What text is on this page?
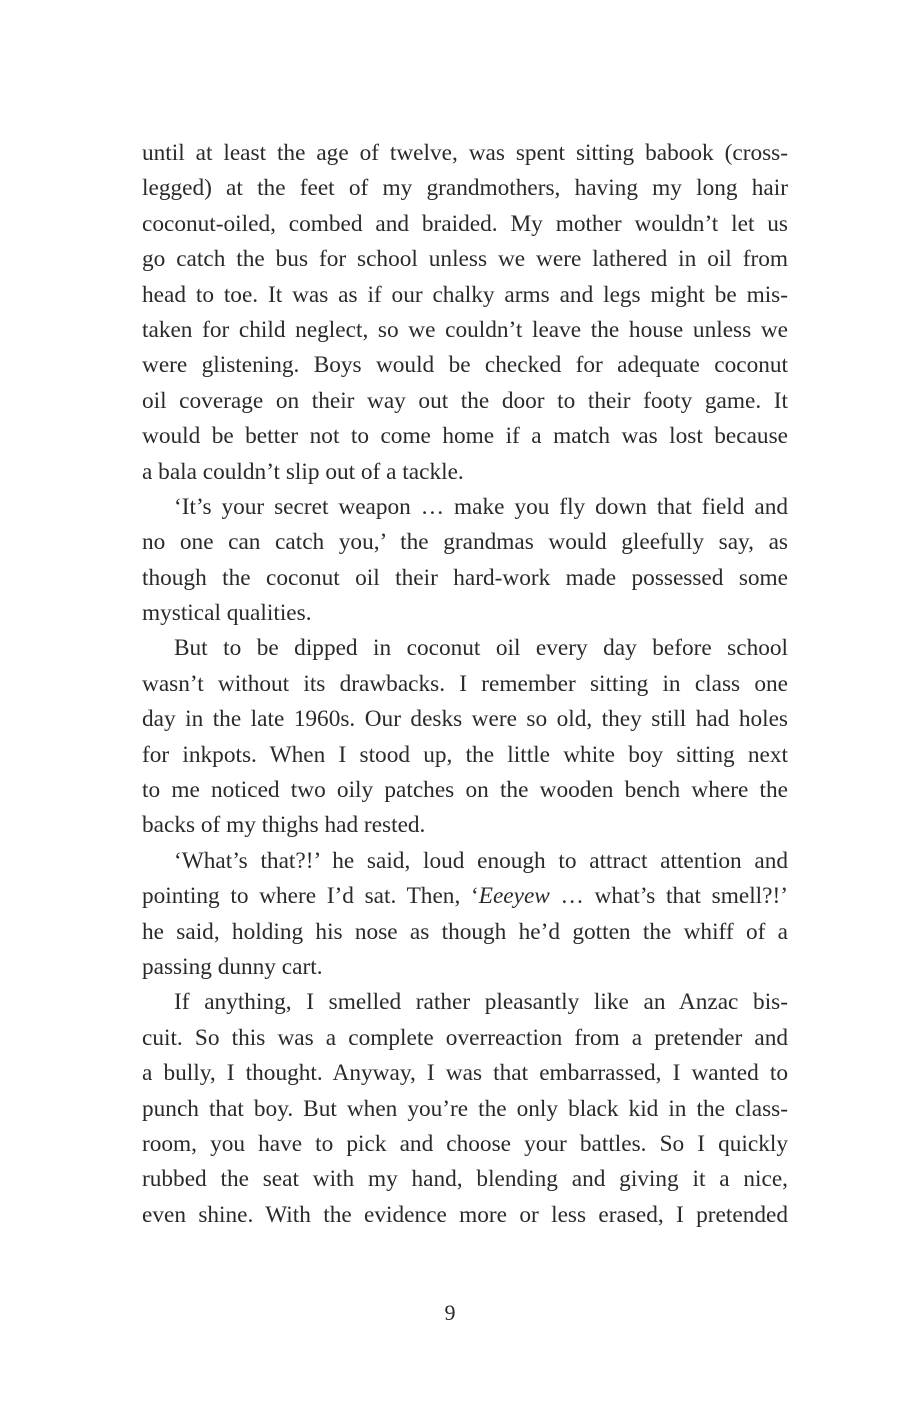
until at least the age of twelve, was spent sitting babook (cross-
legged) at the feet of my grandmothers, having my long hair
coconut-oiled, combed and braided. My mother wouldn’t let us
go catch the bus for school unless we were lathered in oil from
head to toe. It was as if our chalky arms and legs might be mis-
taken for child neglect, so we couldn’t leave the house unless we
were glistening. Boys would be checked for adequate coconut
oil coverage on their way out the door to their footy game. It
would be better not to come home if a match was lost because
a bala couldn’t slip out of a tackle.
‘It’s your secret weapon … make you fly down that field and
no one can catch you,’ the grandmas would gleefully say, as
though the coconut oil their hard-work made possessed some
mystical qualities.
But to be dipped in coconut oil every day before school
wasn’t without its drawbacks. I remember sitting in class one
day in the late 1960s. Our desks were so old, they still had holes
for inkpots. When I stood up, the little white boy sitting next
to me noticed two oily patches on the wooden bench where the
backs of my thighs had rested.
‘What’s that?!’ he said, loud enough to attract attention and
pointing to where I’d sat. Then, ‘Eeeyew … what’s that smell?!’
he said, holding his nose as though he’d gotten the whiff of a
passing dunny cart.
If anything, I smelled rather pleasantly like an Anzac bis-
cuit. So this was a complete overreaction from a pretender and
a bully, I thought. Anyway, I was that embarrassed, I wanted to
punch that boy. But when you’re the only black kid in the class-
room, you have to pick and choose your battles. So I quickly
rubbed the seat with my hand, blending and giving it a nice,
even shine. With the evidence more or less erased, I pretended
9
